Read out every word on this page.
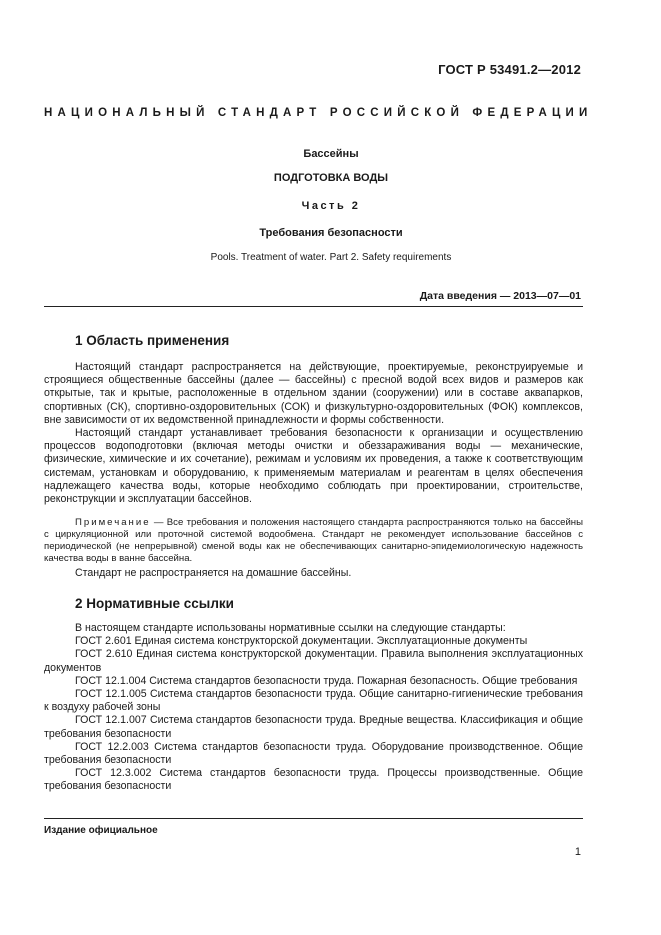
ГОСТ Р 53491.2—2012
НАЦИОНАЛЬНЫЙ СТАНДАРТ РОССИЙСКОЙ ФЕДЕРАЦИИ
Бассейны
ПОДГОТОВКА ВОДЫ
Часть 2
Требования безопасности
Pools. Treatment of water. Part 2. Safety requirements
Дата введения — 2013—07—01
1 Область применения

Настоящий стандарт распространяется на действующие, проектируемые, реконструируемые и строящиеся общественные бассейны (далее — бассейны) с пресной водой всех видов и размеров как открытые, так и крытые, расположенные в отдельном здании (сооружении) или в составе аквапарков, спортивных (СК), спортивно-оздоровительных (СОК) и физкультурно-оздоровительных (ФОК) комплексов, вне зависимости от их ведомственной принадлежности и формы собственности.

Настоящий стандарт устанавливает требования безопасности к организации и осуществлению процессов водоподготовки (включая методы очистки и обеззараживания воды — механические, физические, химические и их сочетание), режимам и условиям их проведения, а также к соответствующим системам, установкам и оборудованию, к применяемым материалам и реагентам в целях обеспечения надлежащего качества воды, которые необходимо соблюдать при проектировании, строительстве, реконструкции и эксплуатации бассейнов.

Примечание — Все требования и положения настоящего стандарта распространяются только на бассейны с циркуляционной или проточной системой водообмена. Стандарт не рекомендует использование бассейнов с периодической (не непрерывной) сменой воды как не обеспечивающих санитарно-эпидемиологическую надежность качества воды в ванне бассейна.

Стандарт не распространяется на домашние бассейны.

2 Нормативные ссылки

В настоящем стандарте использованы нормативные ссылки на следующие стандарты:

ГОСТ 2.601 Единая система конструкторской документации. Эксплуатационные документы

ГОСТ 2.610 Единая система конструкторской документации. Правила выполнения эксплуатационных документов

ГОСТ 12.1.004 Система стандартов безопасности труда. Пожарная безопасность. Общие требования

ГОСТ 12.1.005 Система стандартов безопасности труда. Общие санитарно-гигиенические требования к воздуху рабочей зоны

ГОСТ 12.1.007 Система стандартов безопасности труда. Вредные вещества. Классификация и общие требования безопасности

ГОСТ 12.2.003 Система стандартов безопасности труда. Оборудование производственное. Общие требования безопасности

ГОСТ 12.3.002 Система стандартов безопасности труда. Процессы производственные. Общие требования безопасности

Издание официальное
1
